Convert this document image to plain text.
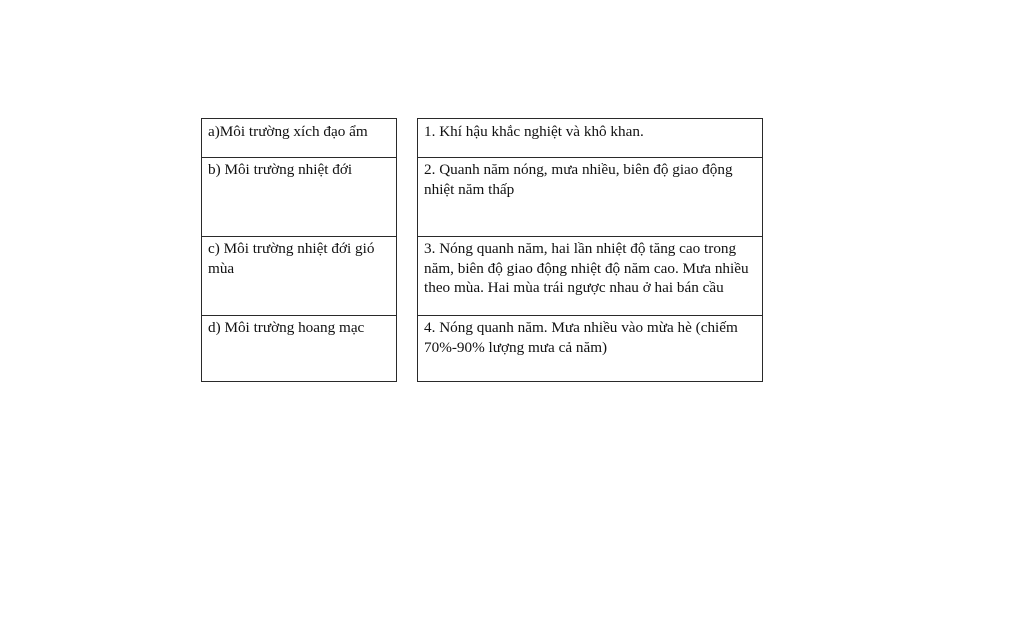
a)Môi trường xích đạo ẩm
b) Môi trường nhiệt đới
c) Môi trường nhiệt đới gió mùa
d) Môi trường hoang mạc
1. Khí hậu khắc nghiệt và khô khan.
2. Quanh năm nóng, mưa nhiều, biên độ giao động nhiệt năm thấp
3. Nóng quanh năm, hai lần nhiệt độ tăng cao trong năm, biên độ giao động nhiệt độ năm cao. Mưa nhiều theo mùa. Hai mùa trái ngược nhau ở hai bán cầu
4. Nóng quanh năm. Mưa nhiều vào mừa hè (chiếm 70%-90% lượng mưa cả năm)
